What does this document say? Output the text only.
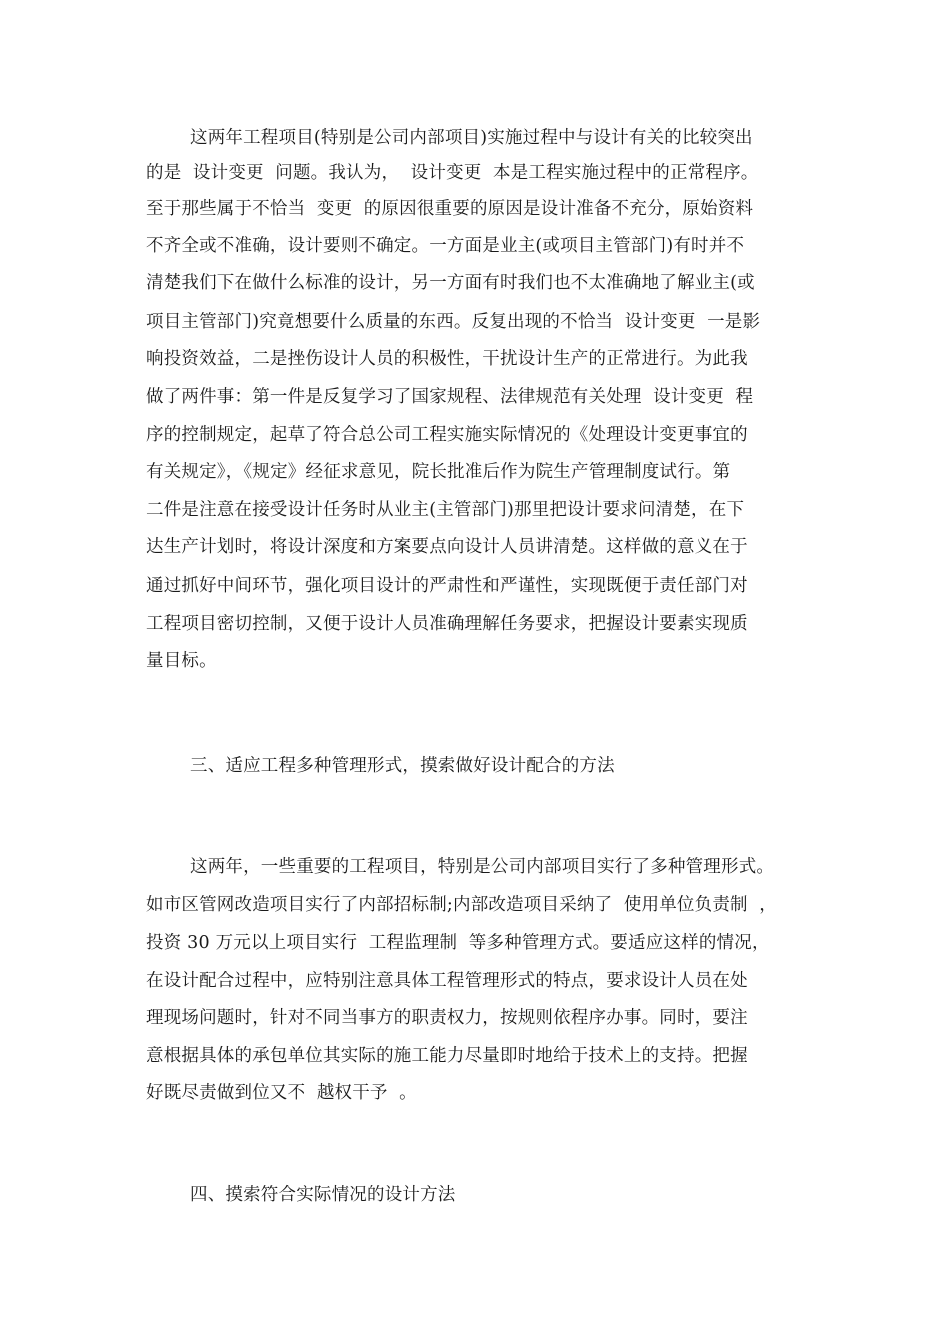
这两年工程项目(特别是公司内部项目)实施过程中与设计有关的比较突出
的是  设计变更  问题。我认为，  设计变更  本是工程实施过程中的正常程序。
至于那些属于不恰当  变更  的原因很重要的原因是设计准备不充分，原始资料
不齐全或不准确，设计要则不确定。一方面是业主(或项目主管部门)有时并不
清楚我们下在做什么标准的设计，另一方面有时我们也不太准确地了解业主(或
项目主管部门)究竟想要什么质量的东西。反复出现的不恰当  设计变更  一是影
响投资效益，二是挫伤设计人员的积极性，干扰设计生产的正常进行。为此我
做了两件事：第一件是反复学习了国家规程、法律规范有关处理  设计变更  程
序的控制规定，起草了符合总公司工程实施实际情况的《处理设计变更事宜的
有关规定》，《规定》经征求意见，院长批准后作为院生产管理制度试行。第
二件是注意在接受设计任务时从业主(主管部门)那里把设计要求问清楚，在下
达生产计划时，将设计深度和方案要点向设计人员讲清楚。这样做的意义在于
通过抓好中间环节，强化项目设计的严肃性和严谨性，实现既便于责任部门对
工程项目密切控制，又便于设计人员准确理解任务要求，把握设计要素实现质
量目标。
三、适应工程多种管理形式，摸索做好设计配合的方法
这两年，一些重要的工程项目，特别是公司内部项目实行了多种管理形式。
如市区管网改造项目实行了内部招标制;内部改造项目采纳了  使用单位负责制  ，
投资 30 万元以上项目实行  工程监理制  等多种管理方式。要适应这样的情况，
在设计配合过程中，应特别注意具体工程管理形式的特点，要求设计人员在处
理现场问题时，针对不同当事方的职责权力，按规则依程序办事。同时，要注
意根据具体的承包单位其实际的施工能力尽量即时地给于技术上的支持。把握
好既尽责做到位又不  越权干予  。
四、摸索符合实际情况的设计方法
